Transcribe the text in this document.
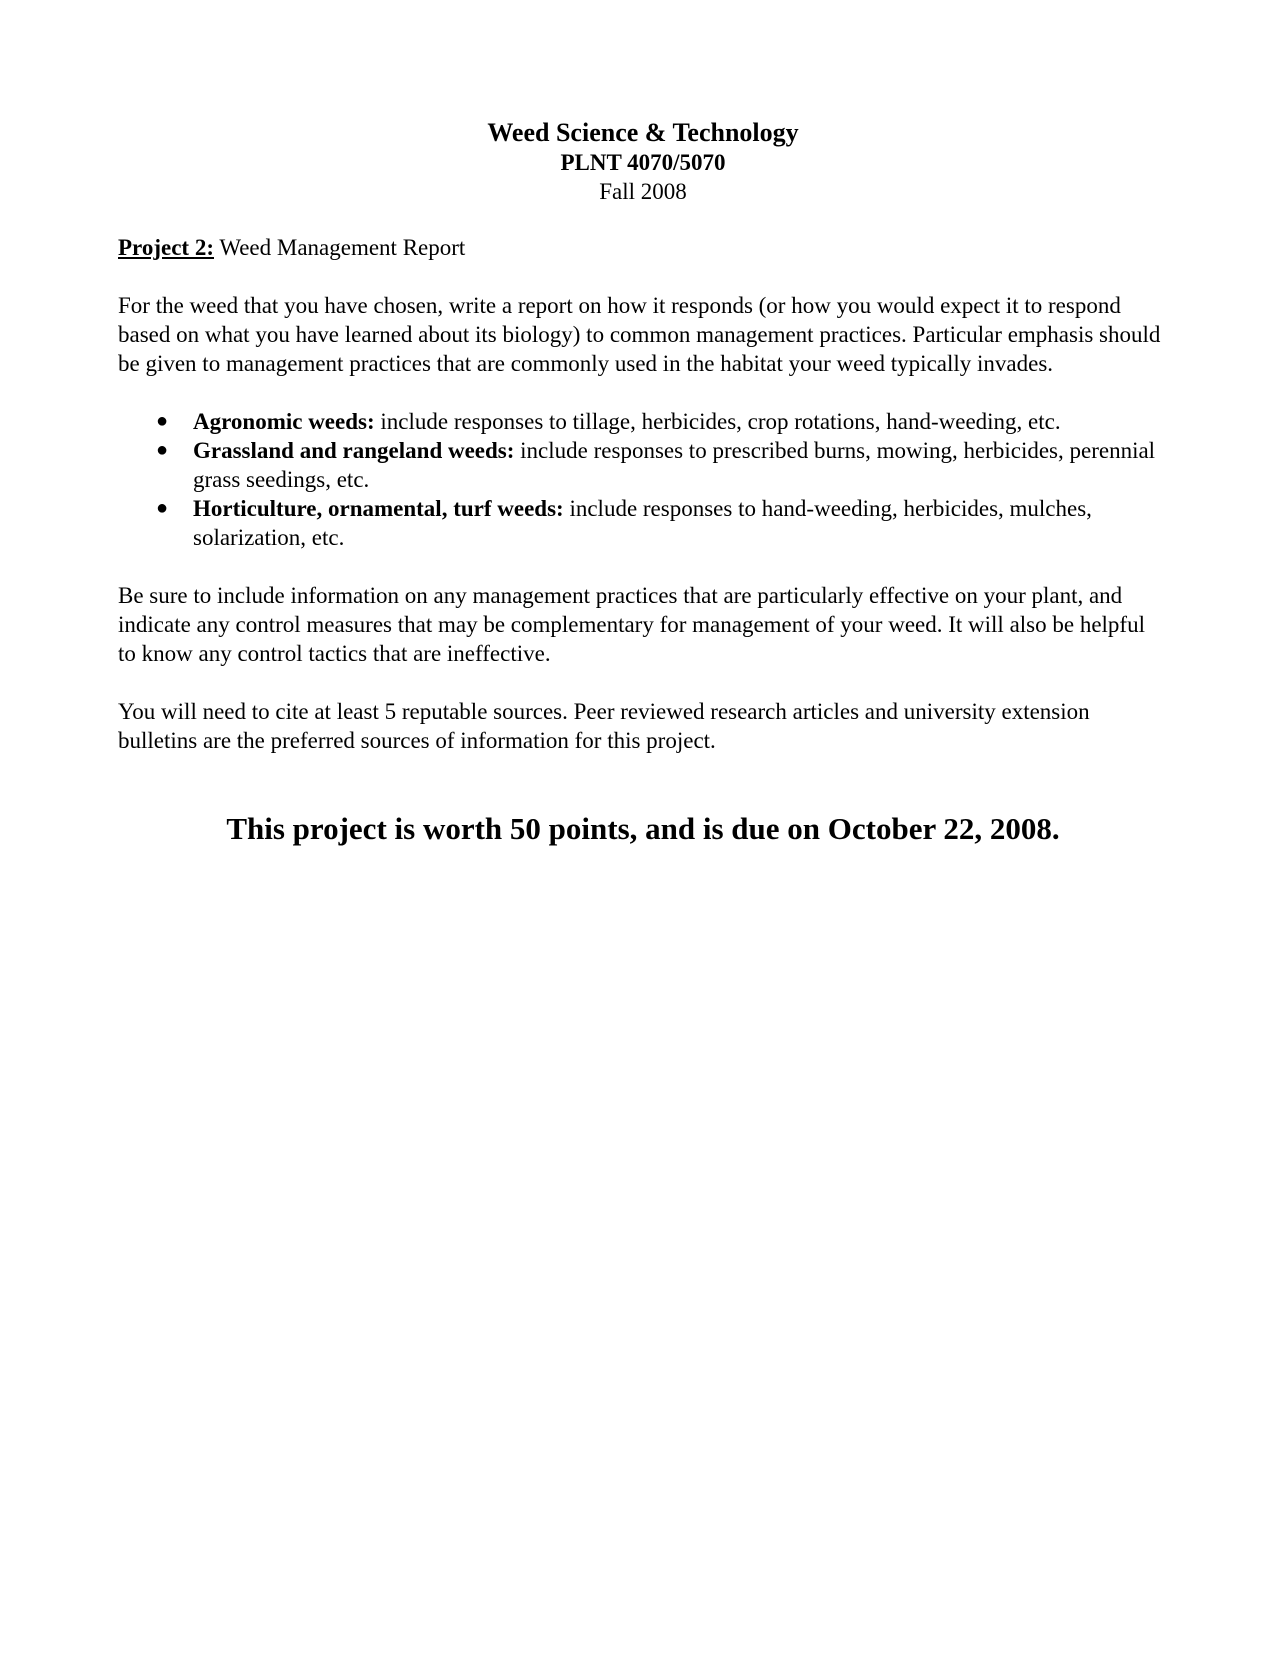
Weed Science & Technology
PLNT 4070/5070
Fall 2008

Project 2: Weed Management Report

For the weed that you have chosen, write a report on how it responds (or how you would expect it to respond based on what you have learned about its biology) to common management practices. Particular emphasis should be given to management practices that are commonly used in the habitat your weed typically invades.

● Agronomic weeds: include responses to tillage, herbicides, crop rotations, hand-weeding, etc.
● Grassland and rangeland weeds: include responses to prescribed burns, mowing, herbicides, perennial grass seedings, etc.
● Horticulture, ornamental, turf weeds: include responses to hand-weeding, herbicides, mulches, solarization, etc.

Be sure to include information on any management practices that are particularly effective on your plant, and indicate any control measures that may be complementary for management of your weed. It will also be helpful to know any control tactics that are ineffective.

You will need to cite at least 5 reputable sources. Peer reviewed research articles and university extension bulletins are the preferred sources of information for this project.

This project is worth 50 points, and is due on October 22, 2008.
